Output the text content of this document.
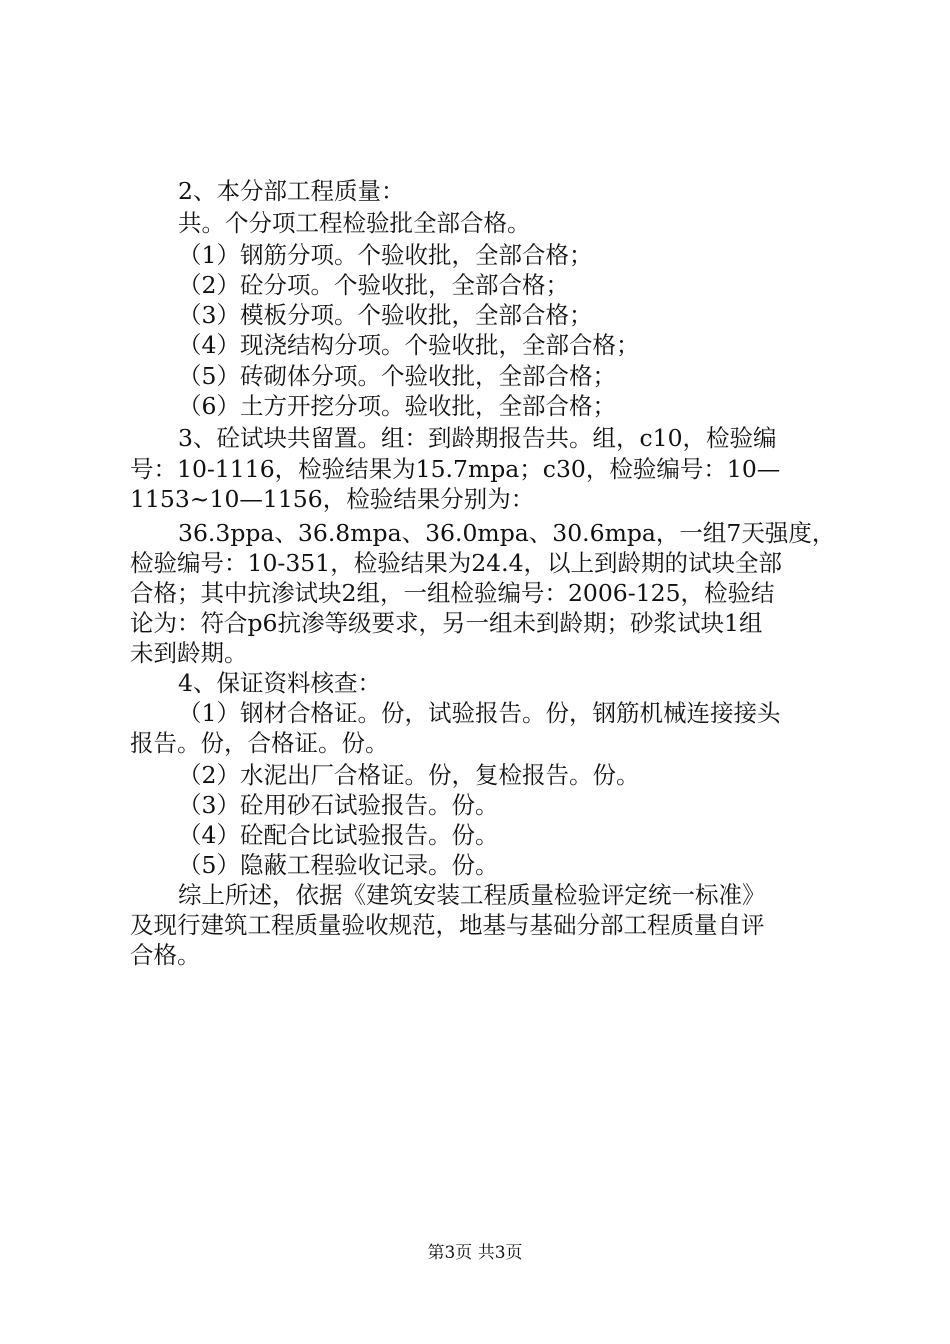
2、本分部工程质量：
共。个分项工程检验批全部合格。
（1）钢筋分项。个验收批，全部合格；
（2）砼分项。个验收批，全部合格；
（3）模板分项。个验收批，全部合格；
（4）现浇结构分项。个验收批，全部合格；
（5）砖砌体分项。个验收批，全部合格；
（6）土方开挖分项。验收批，全部合格；
3、砼试块共留置。组：到龄期报告共。组，c10，检验编
号：10-1116，检验结果为15.7mpa；c30，检验编号：10—
1153~10—1156，检验结果分别为：
36.3ppa、36.8mpa、36.0mpa、30.6mpa，一组7天强度，
检验编号：10-351，检验结果为24.4，以上到龄期的试块全部
合格；其中抗渗试块2组，一组检验编号：2006-125，检验结
论为：符合p6抗渗等级要求，另一组未到龄期；砂浆试块1组
未到龄期。
4、保证资料核查：
（1）钢材合格证。份，试验报告。份，钢筋机械连接接头
报告。份，合格证。份。
（2）水泥出厂合格证。份，复检报告。份。
（3）砼用砂石试验报告。份。
（4）砼配合比试验报告。份。
（5）隐蔽工程验收记录。份。
综上所述，依据《建筑安装工程质量检验评定统一标准》
及现行建筑工程质量验收规范，地基与基础分部工程质量自评
合格。
第3页 共3页
